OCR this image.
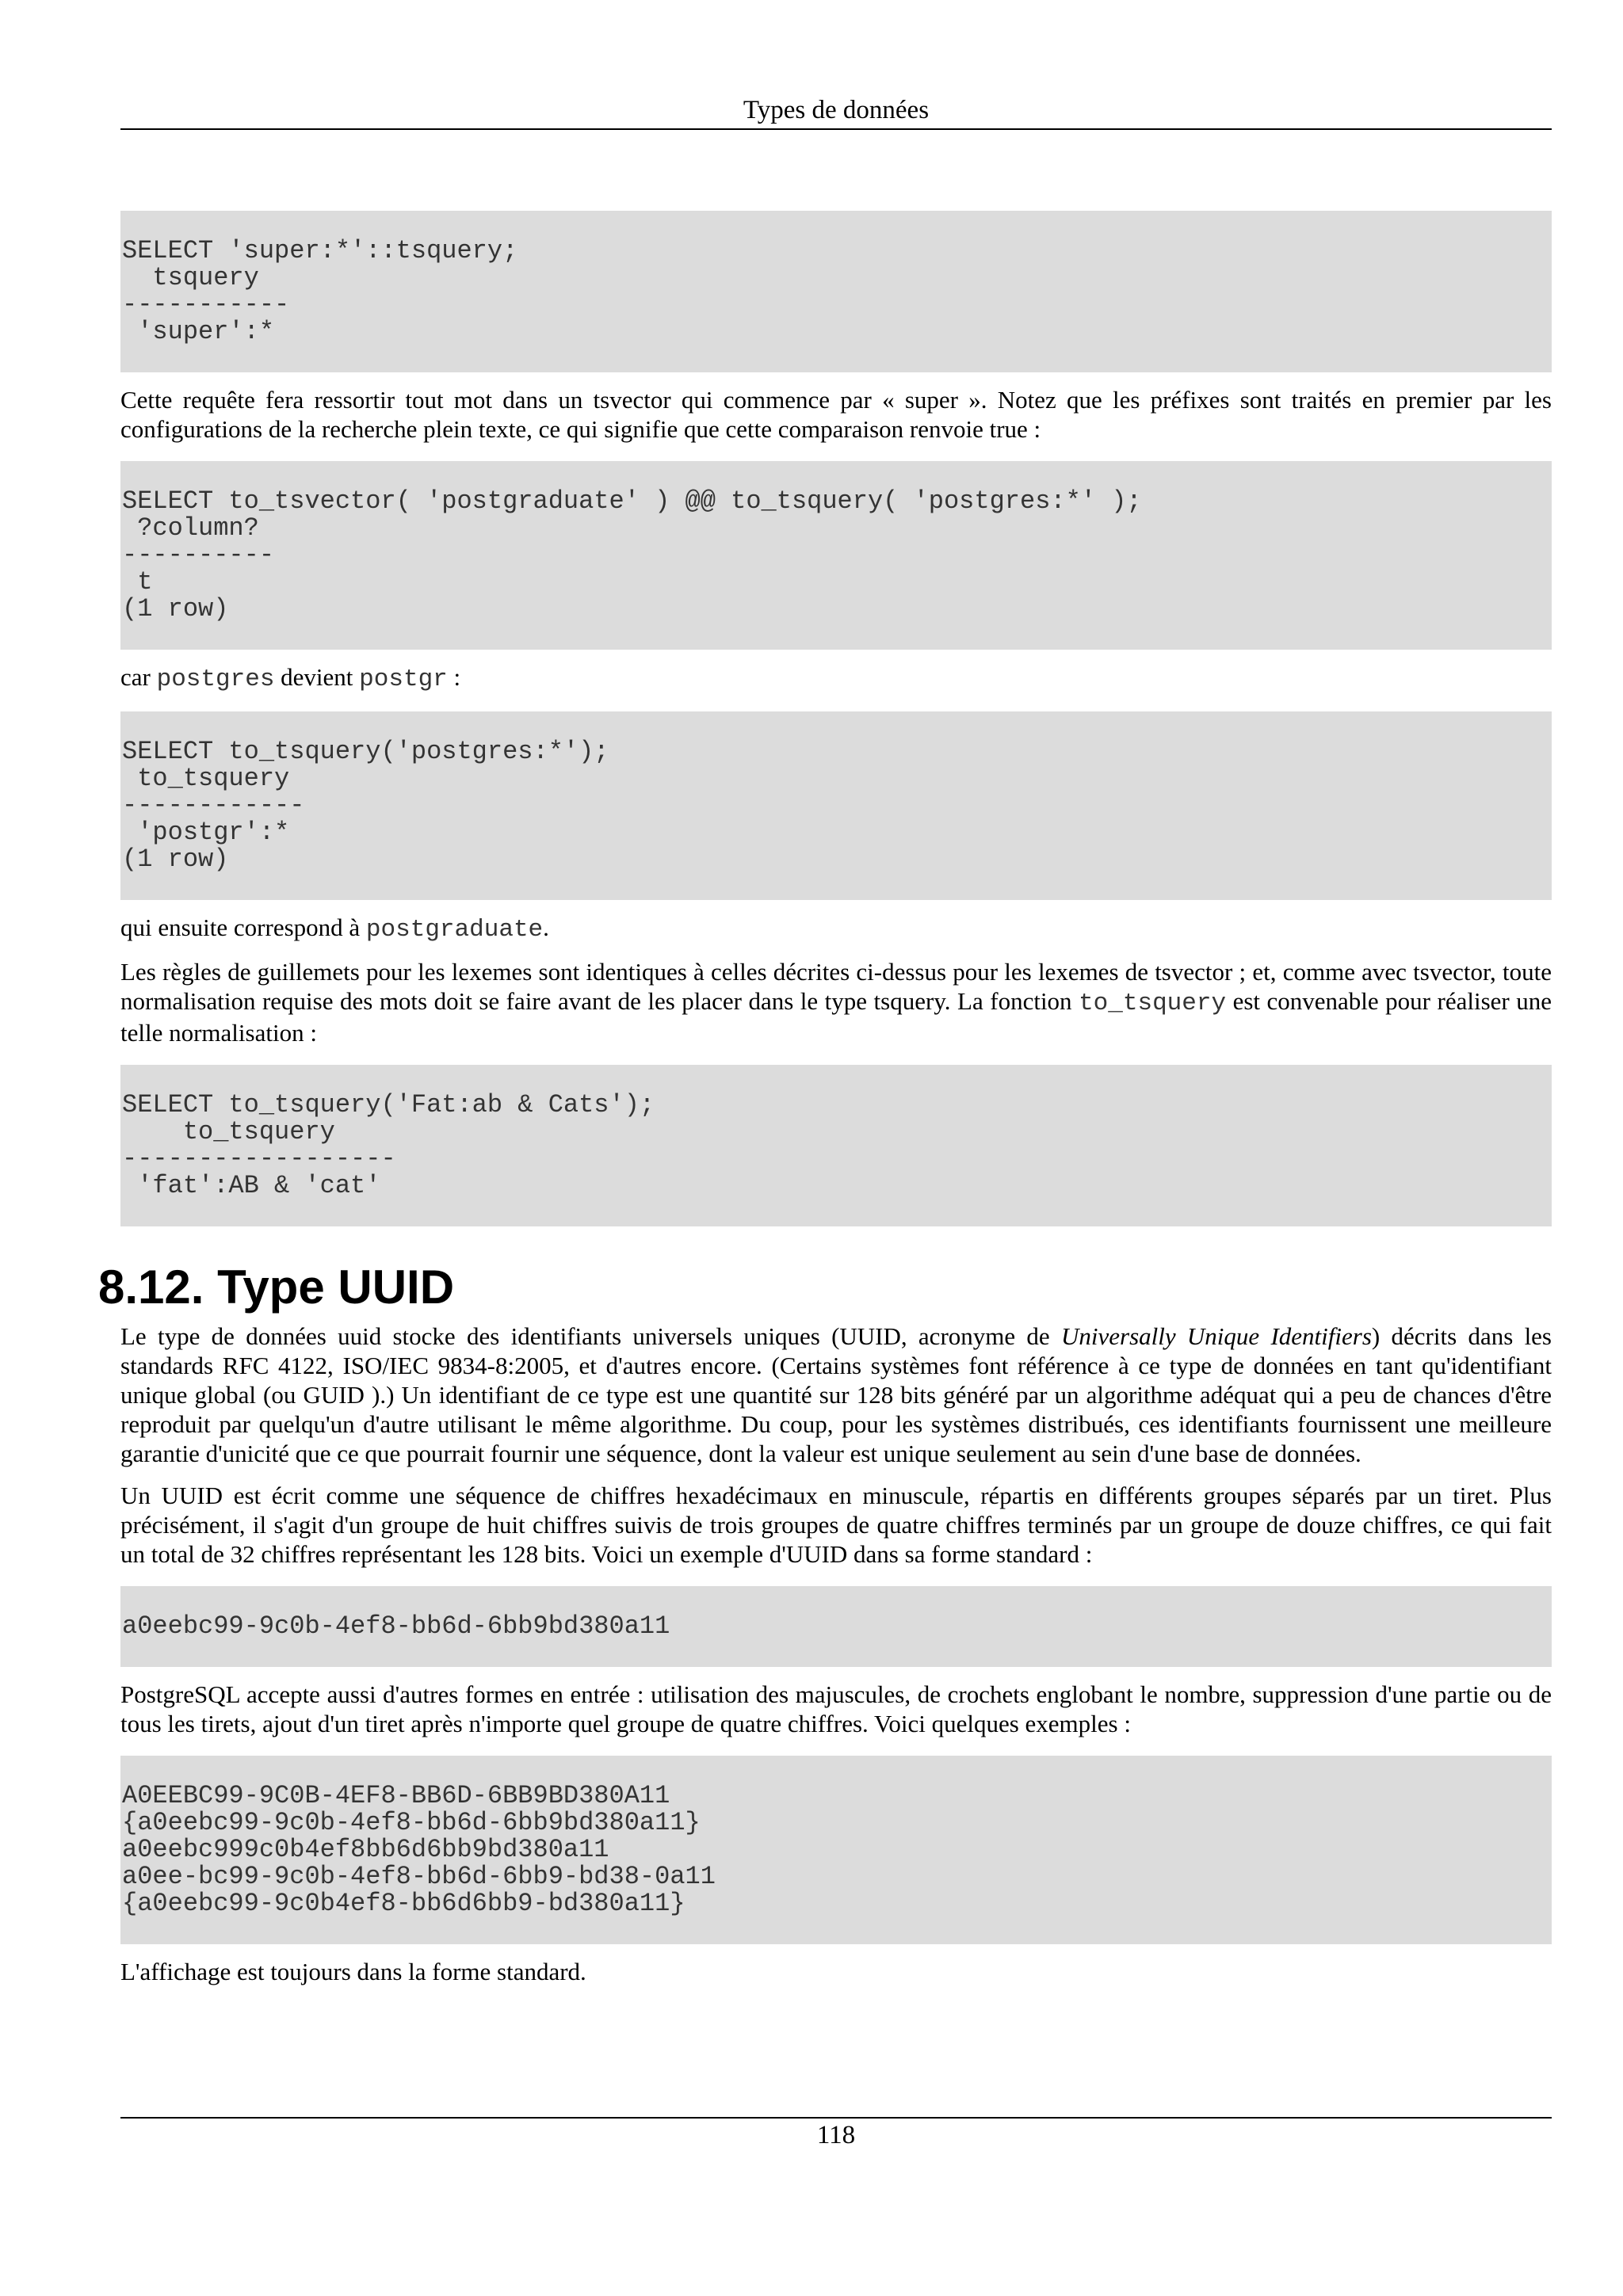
Types de données
SELECT 'super:*'::tsquery;
tsquery
-----------
'super':*

Cette requête fera ressortir tout mot dans un tsvector qui commence par « super ». Notez que les préfixes sont traités en premier par les configurations de la recherche plein texte, ce qui signifie que cette comparaison renvoie true :

SELECT to_tsvector( 'postgraduate' ) @@ to_tsquery( 'postgres:*' );
?column?
----------
t
(1 row)

car postgres devient postgr :

SELECT to_tsquery('postgres:*');
to_tsquery
------------
'postgr':*
(1 row)

qui ensuite correspond à postgraduate.

Les règles de guillemets pour les lexemes sont identiques à celles décrites ci-dessus pour les lexemes de tsvector ; et, comme avec tsvector, toute normalisation requise des mots doit se faire avant de les placer dans le type tsquery. La fonction to_tsquery est convenable pour réaliser une telle normalisation :

SELECT to_tsquery('Fat:ab & Cats');
to_tsquery
------------------
'fat':AB & 'cat'
8.12. Type UUID

Le type de données uuid stocke des identifiants universels uniques (UUID, acronyme de Universally Unique Identifiers) décrits dans les standards RFC 4122, ISO/IEC 9834-8:2005, et d'autres encore. (Certains systèmes font référence à ce type de données en tant qu'identifiant unique global (ou GUID ).) Un identifiant de ce type est une quantité sur 128 bits généré par un algorithme adéquat qui a peu de chances d'être reproduit par quelqu'un d'autre utilisant le même algorithme. Du coup, pour les systèmes distribués, ces identifiants fournissent une meilleure garantie d'unicité que ce que pourrait fournir une séquence, dont la valeur est unique seulement au sein d'une base de données.

Un UUID est écrit comme une séquence de chiffres hexadécimaux en minuscule, répartis en différents groupes séparés par un tiret. Plus précisément, il s'agit d'un groupe de huit chiffres suivis de trois groupes de quatre chiffres terminés par un groupe de douze chiffres, ce qui fait un total de 32 chiffres représentant les 128 bits. Voici un exemple d'UUID dans sa forme standard :

a0eebc99-9c0b-4ef8-bb6d-6bb9bd380a11

PostgreSQL accepte aussi d'autres formes en entrée : utilisation des majuscules, de crochets englobant le nombre, suppression d'une partie ou de tous les tirets, ajout d'un tiret après n'importe quel groupe de quatre chiffres. Voici quelques exemples :

A0EEBC99-9C0B-4EF8-BB6D-6BB9BD380A11
{a0eebc99-9c0b-4ef8-bb6d-6bb9bd380a11}
a0eebc999c0b4ef8bb6d6bb9bd380a11
a0ee-bc99-9c0b-4ef8-bb6d-6bb9-bd38-0a11
{a0eebc99-9c0b4ef8-bb6d6bb9-bd380a11}

L'affichage est toujours dans la forme standard.

118
